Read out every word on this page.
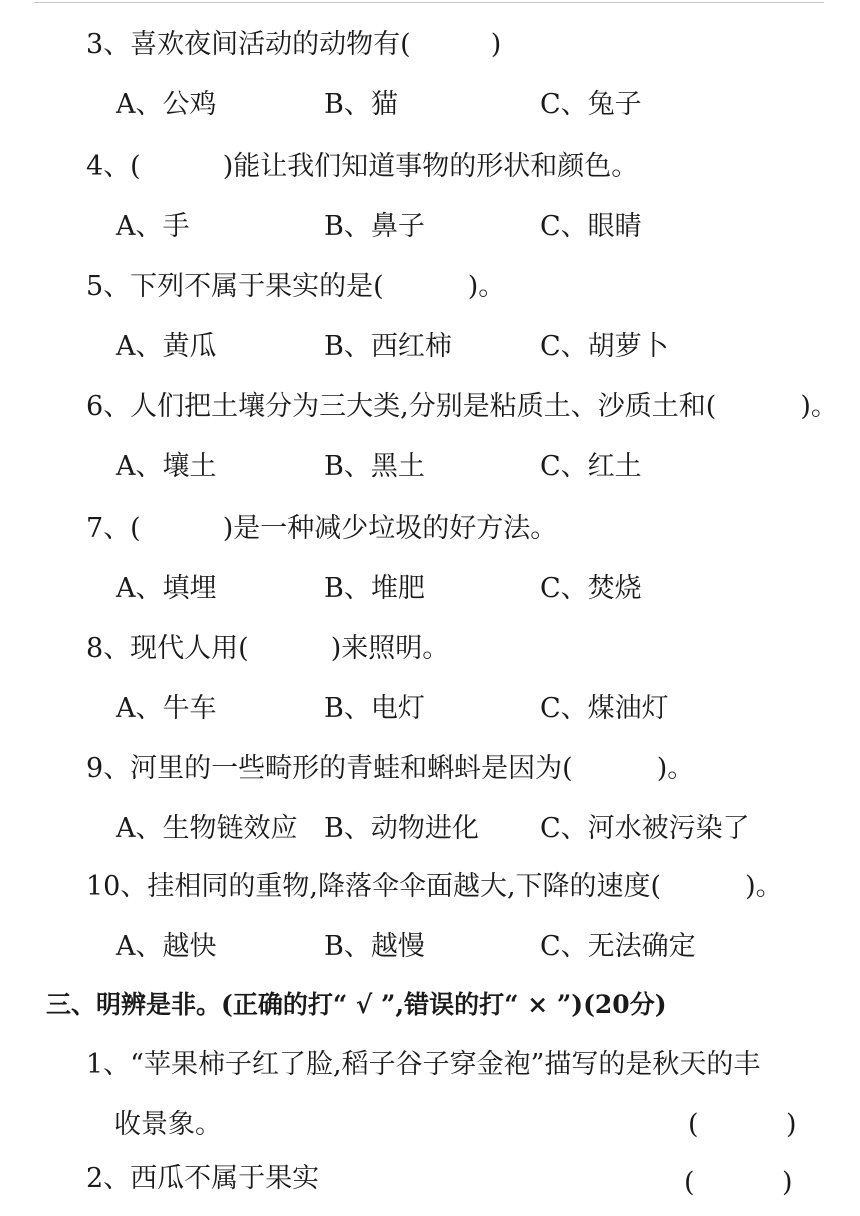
3、喜欢夜间活动的动物有(	)
A、公鸡	B、猫	C、兔子
4、(	)能让我们知道事物的形状和颜色。
A、手	B、鼻子	C、眼睛
5、下列不属于果实的是(	)。
A、黄瓜	B、西红柿	C、胡萝卜
6、人们把土壤分为三大类,分别是粘质土、沙质土和(	)。
A、壤土	B、黑土	C、红土
7、(	)是一种减少垃圾的好方法。
A、填埋	B、堆肥	C、焚烧
8、现代人用(	)来照明。
A、牛车	B、电灯	C、煤油灯
9、河里的一些畸形的青蛙和蝌蚪是因为(	)。
A、生物链效应 B、动物进化 C、河水被污染了
10、挂相同的重物,降落伞伞面越大,下降的速度(	)。
A、越快	B、越慢	C、无法确定
三、明辨是非。(正确的打“ √ ”,错误的打“ × ”)(20分)
1、“苹果柿子红了脸,稻子谷子穿金袍”描写的是秋天的丰
收景象。	(	)
2、西瓜不属于果实	(	)
